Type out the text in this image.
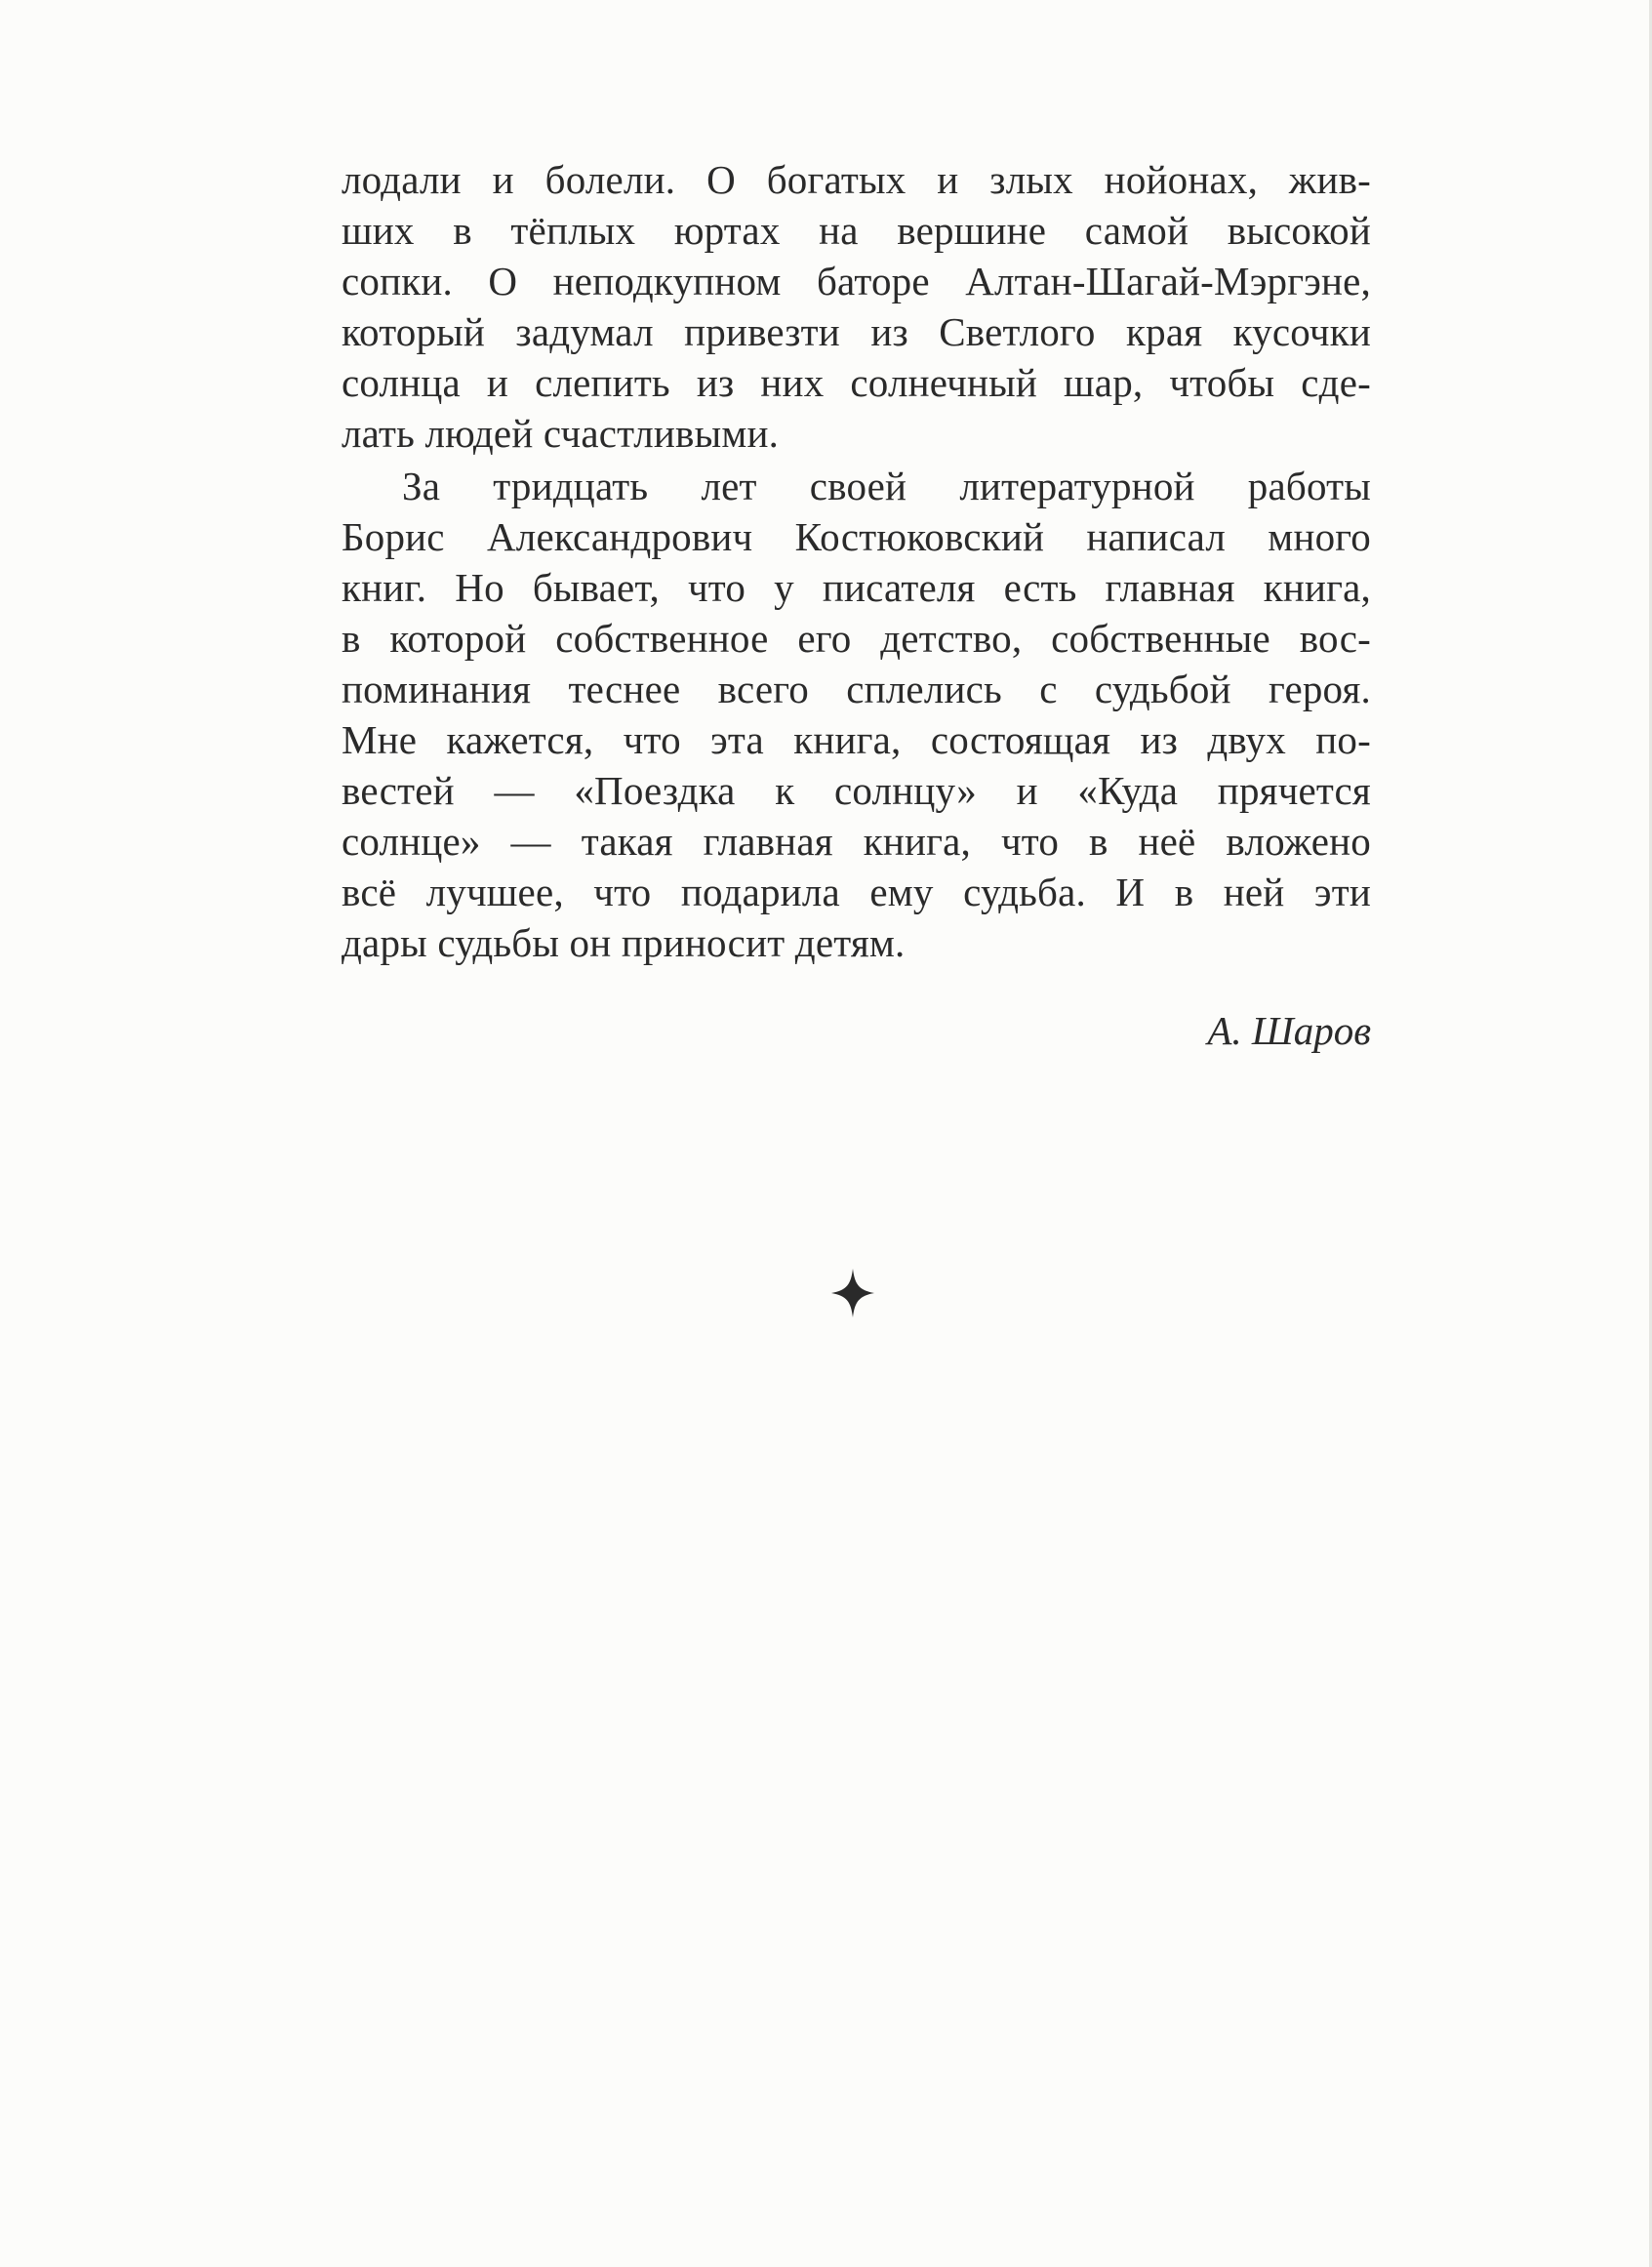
лодали и болели. О богатых и злых нойонах, жив-
ших в тёплых юртах на вершине самой высокой
сопки. О неподкупном баторе Алтан-Шагай-Мэргэне,
который задумал привезти из Светлого края кусочки
солнца и слепить из них солнечный шар, чтобы сде-
лать людей счастливыми.
За тридцать лет своей литературной работы
Борис Александрович Костюковский написал много
книг. Но бывает, что у писателя есть главная книга,
в которой собственное его детство, собственные вос-
поминания теснее всего сплелись с судьбой героя.
Мне кажется, что эта книга, состоящая из двух по-
вестей — «Поездка к солнцу» и «Куда прячется
солнце» — такая главная книга, что в неё вложено
всё лучшее, что подарила ему судьба. И в ней эти
дары судьбы он приносит детям.
А. Шаров
